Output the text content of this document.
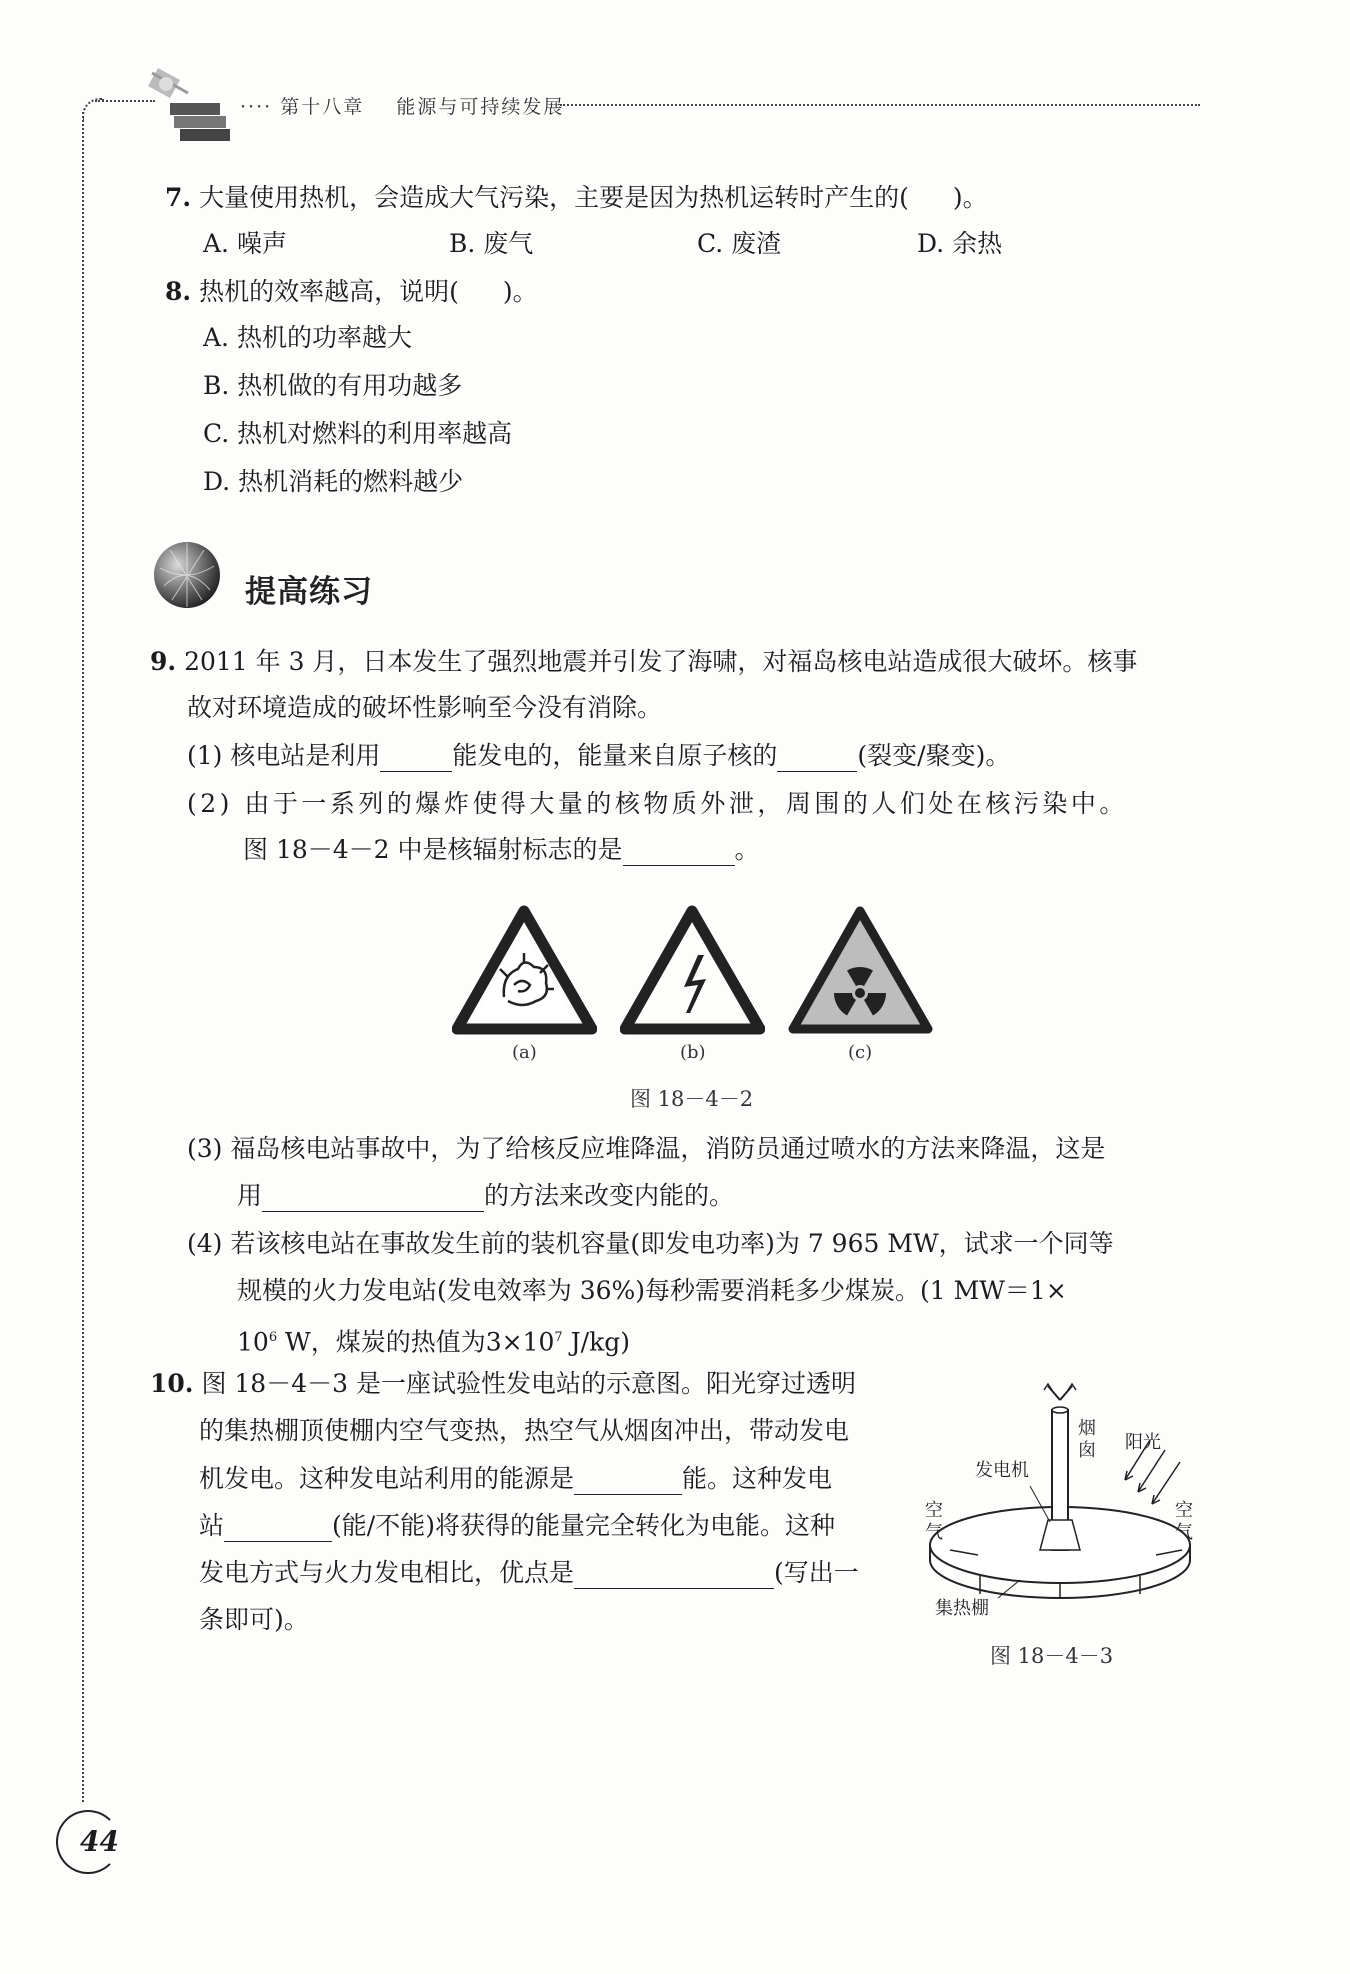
···· 第十八章 能源与可持续发展
7. 大量使用热机，会造成大气污染，主要是因为热机运转时产生的( )。
A. 噪声	B. 废气	C. 废渣	D. 余热
8. 热机的效率越高，说明( )。
A. 热机的功率越大
B. 热机做的有用功越多
C. 热机对燃料的利用率越高
D. 热机消耗的燃料越少
提高练习
9. 2011 年 3 月，日本发生了强烈地震并引发了海啸，对福岛核电站造成很大破坏。核事
故对环境造成的破坏性影响至今没有消除。
(1) 核电站是利用	能发电的，能量来自原子核的	(裂变/聚变)。
(2) 由于一系列的爆炸使得大量的核物质外泄，周围的人们处在核污染中。
图 18－4－2 中是核辐射标志的是	。
(a)	(b)	(c)
图 18－4－2
(3) 福岛核电站事故中，为了给核反应堆降温，消防员通过喷水的方法来降温，这是
用	的方法来改变内能的。
(4) 若该核电站在事故发生前的装机容量(即发电功率)为 7 965 MW，试求一个同等
规模的火力发电站(发电效率为 36%)每秒需要消耗多少煤炭。(1 MW＝1×
$10^6$ W，煤炭的热值为$3\times 10^7$ J/kg)
10. 图 18－4－3 是一座试验性发电站的示意图。阳光穿过透明
的集热棚顶使棚内空气变热，热空气从烟囱冲出，带动发电
机发电。这种发电站利用的能源是	能。这种发电
站	(能/不能)将获得的能量完全转化为电能。这种
发电方式与火力发电相比，优点是	(写出一
条即可)。
烟囱 阳光
发电机
空气
空气
集热棚
图 18－4－3
44
